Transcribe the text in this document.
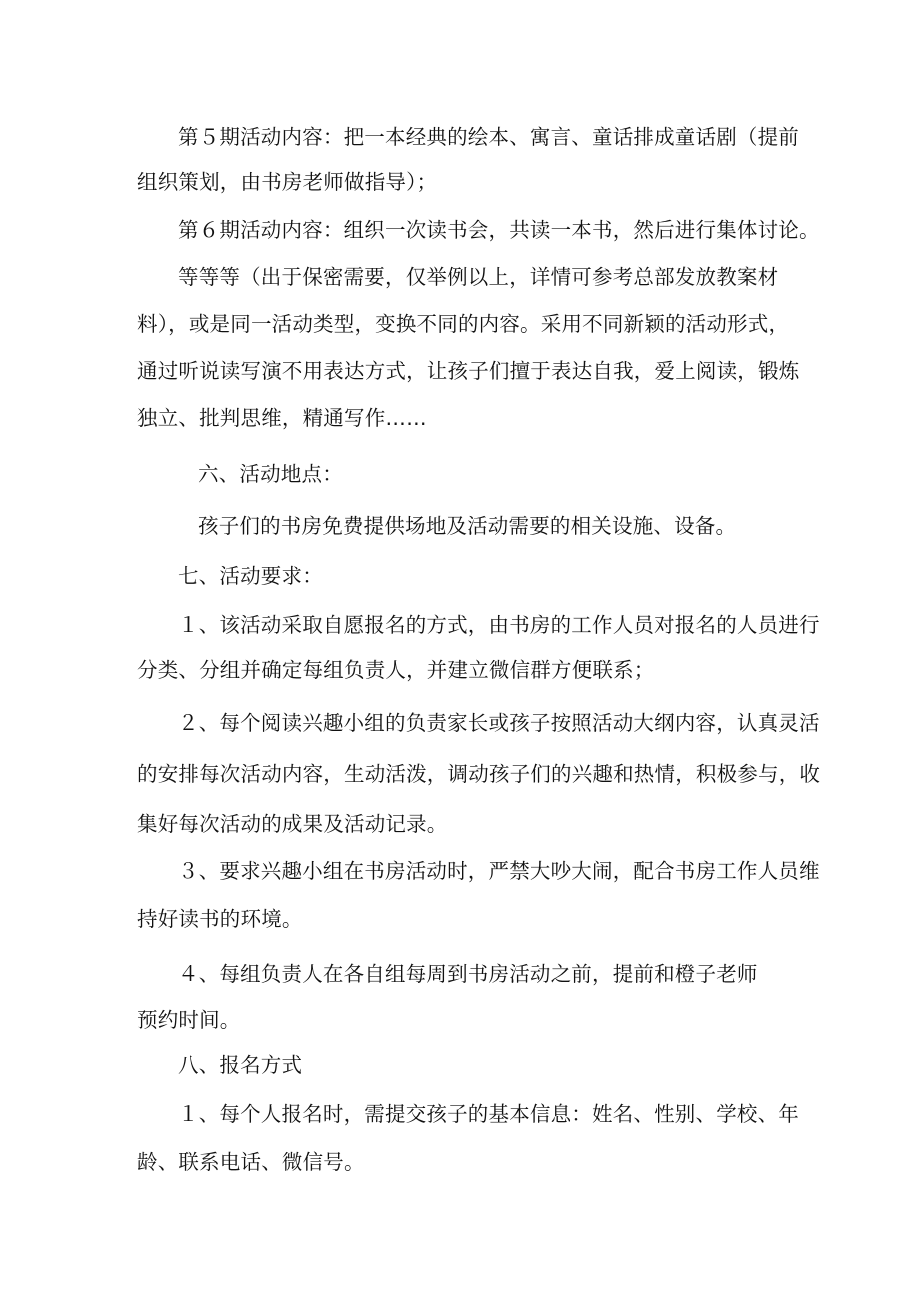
第５期活动内容：把一本经典的绘本、寓言、童话排成童话剧（提前
组织策划，由书房老师做指导）；
第６期活动内容：组织一次读书会，共读一本书，然后进行集体讨论。
等等等（出于保密需要，仅举例以上，详情可参考总部发放教案材
料），或是同一活动类型，变换不同的内容。采用不同新颖的活动形式，
通过听说读写演不用表达方式，让孩子们擅于表达自我，爱上阅读，锻炼
独立、批判思维，精通写作……
六、活动地点：
孩子们的书房免费提供场地及活动需要的相关设施、设备。
七、活动要求：
１、该活动采取自愿报名的方式，由书房的工作人员对报名的人员进行
分类、分组并确定每组负责人，并建立微信群方便联系；
２、每个阅读兴趣小组的负责家长或孩子按照活动大纲内容，认真灵活
的安排每次活动内容，生动活泼，调动孩子们的兴趣和热情，积极参与，收
集好每次活动的成果及活动记录。
３、要求兴趣小组在书房活动时，严禁大吵大闹，配合书房工作人员维
持好读书的环境。
４、每组负责人在各自组每周到书房活动之前，提前和橙子老师
预约时间。
八、报名方式
１、每个人报名时，需提交孩子的基本信息：姓名、性别、学校、年
龄、联系电话、微信号。
